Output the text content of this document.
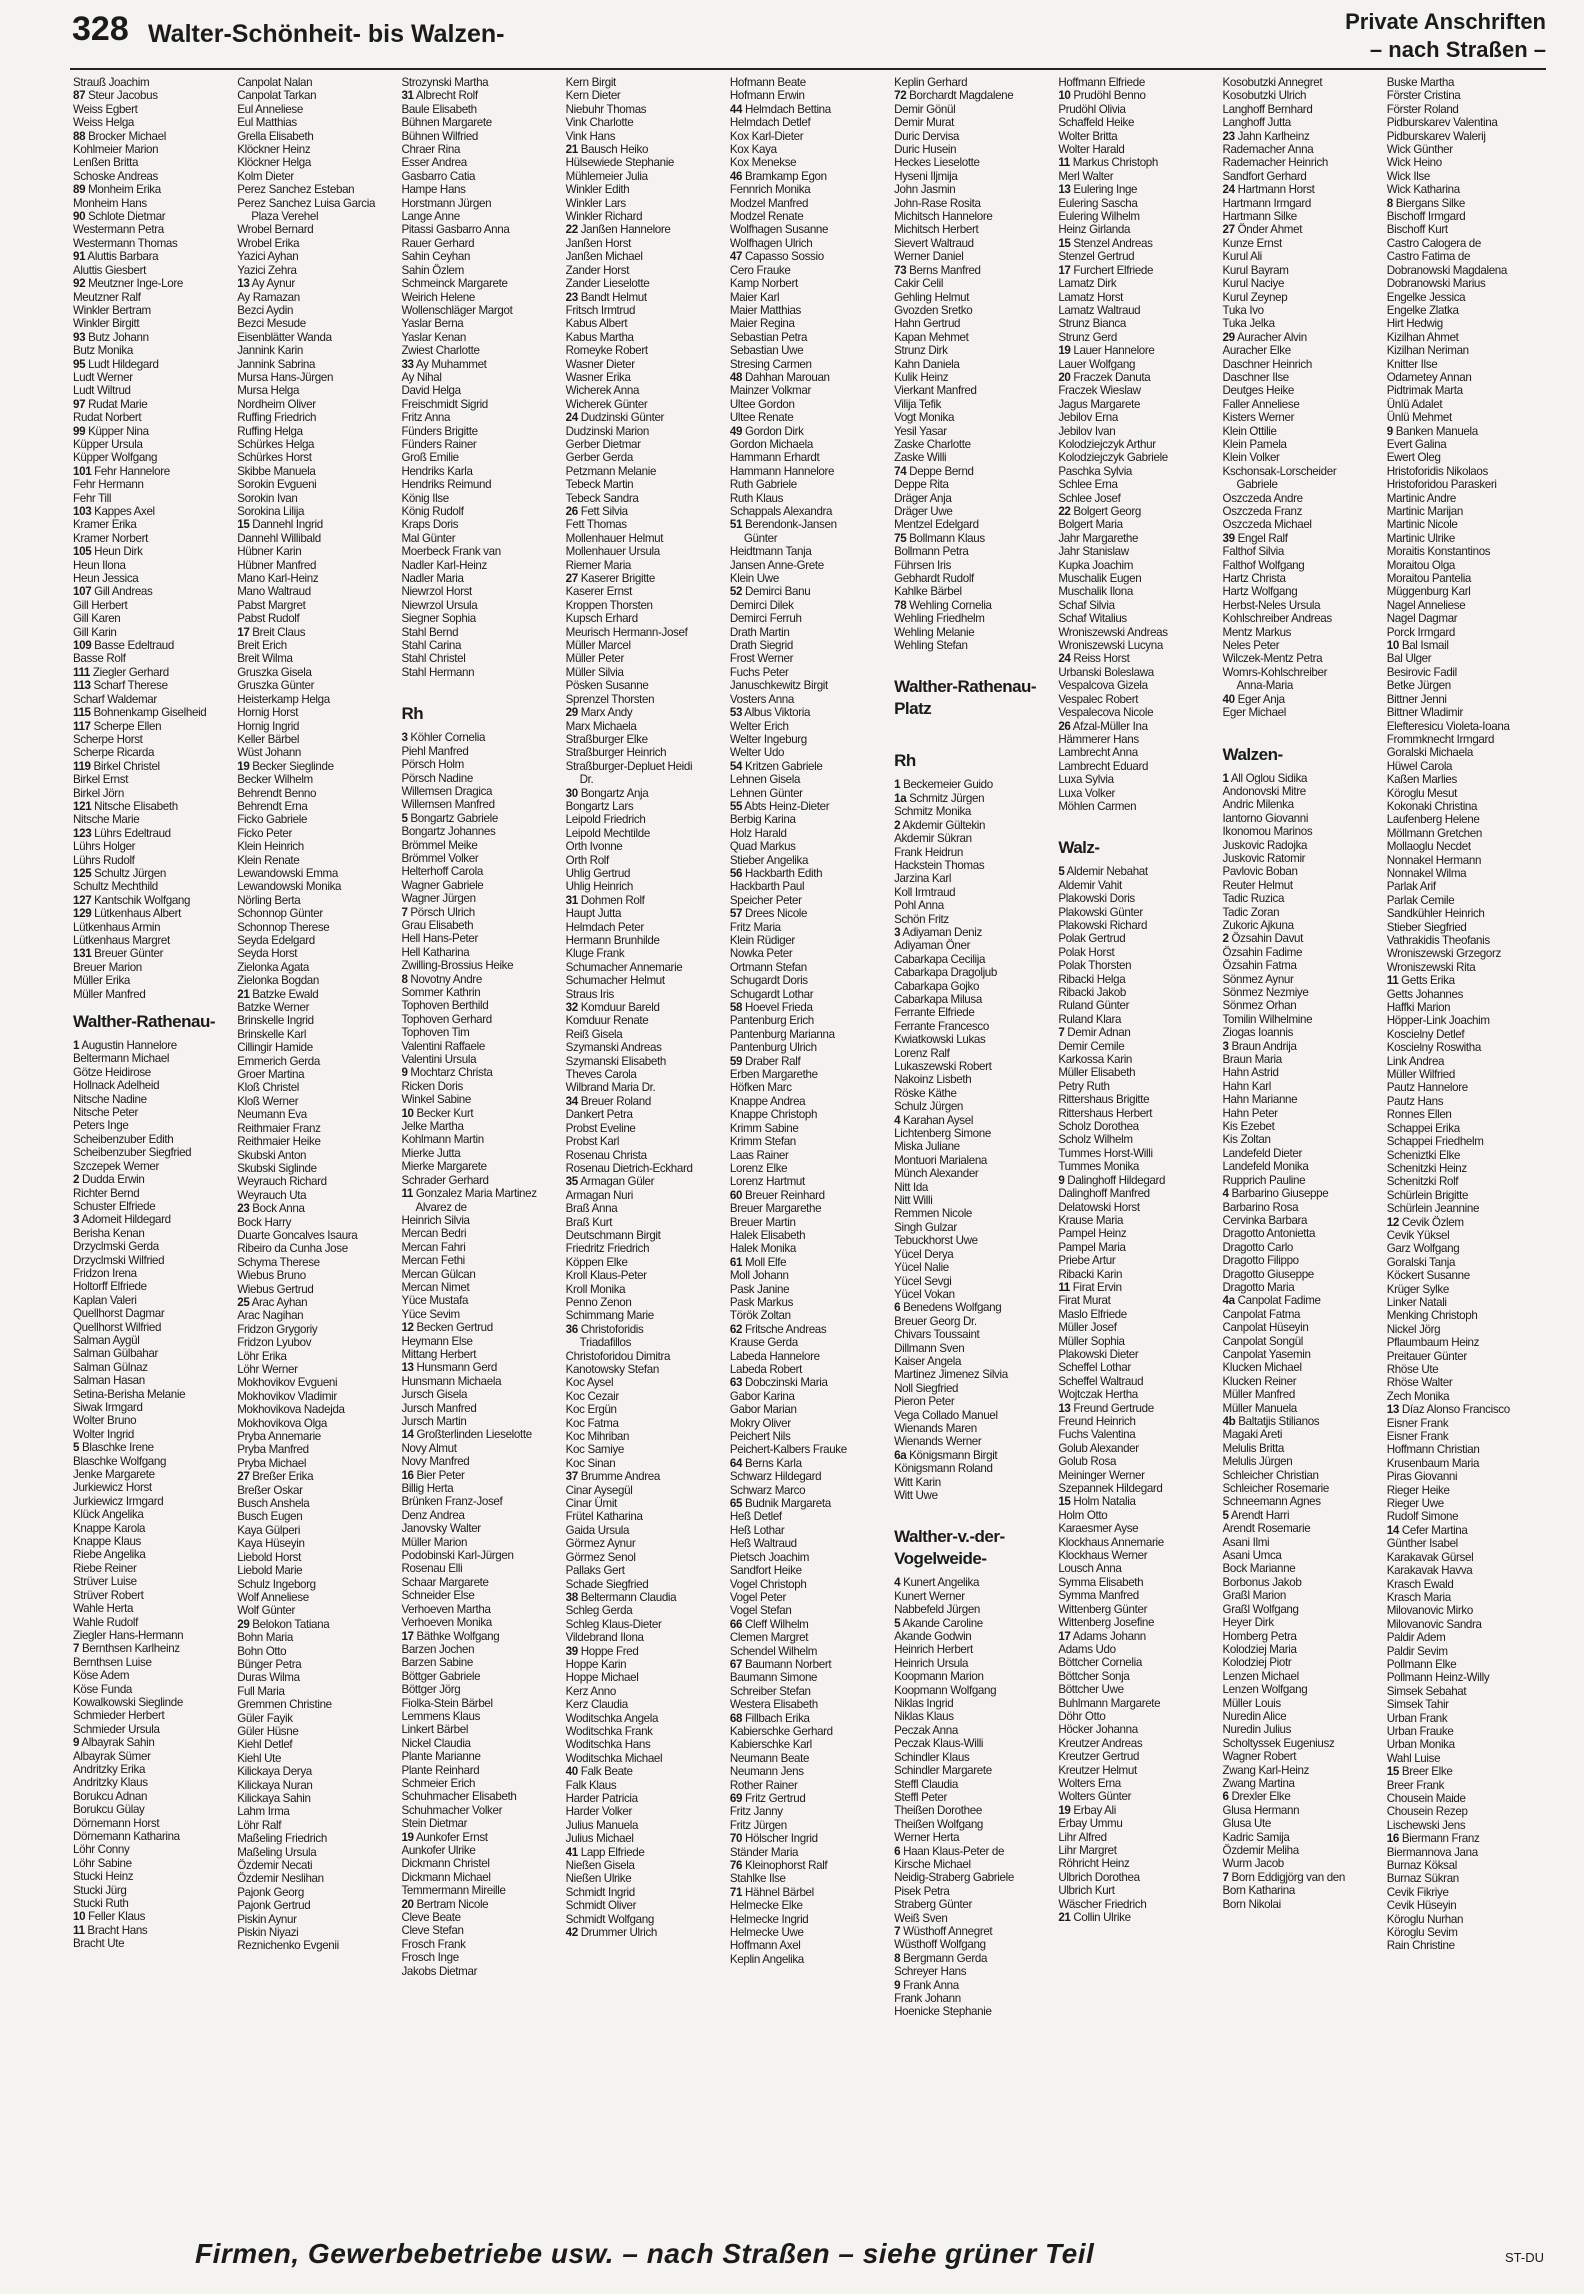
328 Walter-Schönheit- bis Walzen-	Private Anschriften
– nach Straßen –
Strauß Joachim
87 Steur Jacobus
Weiss Egbert
Weiss Helga
88 Brocker Michael
Kohlmeier Marion
Lenßen Britta
Schoske Andreas
89 Monheim Erika
Monheim Hans
90 Schlote Dietmar
Westermann Petra
Westermann Thomas
91 Aluttis Barbara
Aluttis Giesbert
92 Meutzner Inge-Lore
Meutzner Ralf
Winkler Bertram
Winkler Birgitt
93 Butz Johann
Butz Monika
95 Ludt Hildegard
Ludt Werner
Ludt Wiltrud
97 Rudat Marie
Rudat Norbert
99 Küpper Nina
Küpper Ursula
Küpper Wolfgang
101 Fehr Hannelore
Fehr Hermann
Fehr Till
103 Kappes Axel
Kramer Erika
Kramer Norbert
105 Heun Dirk
Heun Ilona
Heun Jessica
107 Gill Andreas
Gill Herbert
Gill Karen
Gill Karin
109 Basse Edeltraud
Basse Rolf
111 Ziegler Gerhard
113 Scharf Therese
Scharf Waldemar
115 Bohnenkamp Giselheid
117 Scherpe Ellen
Scherpe Horst
Scherpe Ricarda
119 Birkel Christel
Birkel Ernst
Birkel Jörn
121 Nitsche Elisabeth
Nitsche Marie
123 Lührs Edeltraud
Lührs Holger
Lührs Rudolf
125 Schultz Jürgen
Schultz Mechthild
127 Kantschik Wolfgang
129 Lütkenhaus Albert
Lütkenhaus Armin
Lütkenhaus Margret
131 Breuer Günter
Breuer Marion
Müller Erika
Müller Manfred
Walther-Rathenau-
1 Augustin Hannelore
Beltermann Michael
Götze Heidirose
Hollnack Adelheid
Nitsche Nadine
Nitsche Peter
Peters Inge
Scheibenzuber Edith
Scheibenzuber Siegfried
Szczepek Werner
2 Dudda Erwin
Richter Bernd
Schuster Elfriede
3 Adomeit Hildegard
Berisha Kenan
Drzyclmski Gerda
Drzyclmski Wilfried
Fridzon Irena
Holtorff Elfriede
Kaplan Valeri
Quellhorst Dagmar
Quellhorst Wilfried
Salman Aygül
Salman Gülbahar
Salman Gülnaz
Salman Hasan
Setina-Berisha Melanie
Siwak Irmgard
Wolter Bruno
Wolter Ingrid
5 Blaschke Irene
Blaschke Wolfgang
Jenke Margarete
Jurkiewicz Horst
Jurkiewicz Irmgard
Klück Angelika
Knappe Karola
Knappe Klaus
Riebe Angelika
Riebe Reiner
Strüver Luise
Strüver Robert
Wahle Herta
Wahle Rudolf
Ziegler Hans-Hermann
7 Bernthsen Karlheinz
Bernthsen Luise
Köse Adem
Köse Funda
Kowalkowski Sieglinde
Schmieder Herbert
Schmieder Ursula
9 Albayrak Sahin
Albayrak Sümer
Andritzky Erika
Andritzky Klaus
Borukcu Adnan
Borukcu Gülay
Dörnemann Horst
Dörnemann Katharina
Löhr Conny
Löhr Sabine
Stucki Heinz
Stucki Jürg
Stucki Ruth
10 Feller Klaus
11 Bracht Hans
Bracht Ute
Canpolat Nalan
Canpolat Tarkan
Eul Anneliese
Eul Matthias
Grella Elisabeth
Klöckner Heinz
Klöckner Helga
Kolm Dieter
Perez Sanchez Esteban
Perez Sanchez Luisa Garcia
Plaza Verehel
Wrobel Bernard
Wrobel Erika
Yazici Ayhan
Yazici Zehra
13 Ay Aynur
Ay Ramazan
Bezci Aydin
Bezci Mesude
Eisenblätter Wanda
Jannink Karin
Jannink Sabrina
Mursa Hans-Jürgen
Mursa Helga
Nordheim Oliver
Ruffing Friedrich
Ruffing Helga
Schürkes Helga
Schürkes Horst
Skibbe Manuela
Sorokin Evgueni
Sorokin Ivan
Sorokina Lilija
15 Dannehl Ingrid
Dannehl Willibald
Hübner Karin
Hübner Manfred
Mano Karl-Heinz
Mano Waltraud
Pabst Margret
Pabst Rudolf
17 Breit Claus
Breit Erich
Breit Wilma
Gruszka Gisela
Gruszka Günter
Heisterkamp Helga
Hornig Horst
Hornig Ingrid
Keller Bärbel
Wüst Johann
19 Becker Sieglinde
Becker Wilhelm
Behrendt Benno
Behrendt Erna
Ficko Gabriele
Ficko Peter
Klein Heinrich
Klein Renate
Lewandowski Emma
Lewandowski Monika
Nörling Berta
Schonnop Günter
Schonnop Therese
Seyda Edelgard
Seyda Horst
Zielonka Agata
Zielonka Bogdan
21 Batzke Ewald
Batzke Werner
Brinskelle Ingrid
Brinskelle Karl
Cillingir Hamide
Emmerich Gerda
Groer Martina
Kloß Christel
Kloß Werner
Neumann Eva
Reithmaier Franz
Reithmaier Heike
Skubski Anton
Skubski Siglinde
Weyrauch Richard
Weyrauch Uta
23 Bock Anna
Bock Harry
Duarte Goncalves Isaura
Ribeiro da Cunha Jose
Schyma Therese
Wiebus Bruno
Wiebus Gertrud
25 Arac Ayhan
Arac Nagihan
Fridzon Grygoriy
Fridzon Lyubov
Löhr Erika
Löhr Werner
Mokhovikov Evgueni
Mokhovikov Vladimir
Mokhovikova Nadejda
Mokhovikova Olga
Pryba Annemarie
Pryba Manfred
Pryba Michael
27 Breßer Erika
Breßer Oskar
Busch Anshela
Busch Eugen
Kaya Gülperi
Kaya Hüseyin
Liebold Horst
Liebold Marie
Schulz Ingeborg
Wolf Anneliese
Wolf Günter
29 Belokon Tatiana
Bohn Maria
Bohn Otto
Bünger Petra
Duras Wilma
Full Maria
Gremmen Christine
Güler Fayik
Güler Hüsne
Kiehl Detlef
Kiehl Ute
Kilickaya Derya
Kilickaya Nuran
Kilickaya Sahin
Lahm Irma
Löhr Ralf
Maßeling Friedrich
Maßeling Ursula
Özdemir Necati
Özdemir Neslihan
Pajonk Georg
Pajonk Gertrud
Piskin Aynur
Piskin Niyazi
Reznichenko Evgenii
Strozynski Martha
31 Albrecht Rolf
Baule Elisabeth
Bühnen Margarete
Bühnen Wilfried
Chraer Rina
Esser Andrea
Gasbarro Catia
Hampe Hans
Horstmann Jürgen
Lange Anne
Pitassi Gasbarro Anna
Rauer Gerhard
Sahin Ceyhan
Sahin Özlem
Schmeinck Margarete
Weirich Helene
Wollenschläger Margot
Yaslar Berna
Yaslar Kenan
Zwiest Charlotte
33 Ay Muhammet
Ay Nihal
David Helga
Freischmidt Sigrid
Fritz Anna
Fünders Brigitte
Fünders Rainer
Groß Emilie
Hendriks Karla
Hendriks Reimund
König Ilse
König Rudolf
Kraps Doris
Mal Günter
Moerbeck Frank van
Nadler Karl-Heinz
Nadler Maria
Niewrzol Horst
Niewrzol Ursula
Siegner Sophia
Stahl Bernd
Stahl Carina
Stahl Christel
Stahl Hermann
Rh
3 Köhler Cornelia
Piehl Manfred
Pörsch Holm
Pörsch Nadine
Willemsen Dragica
Willemsen Manfred
5 Bongartz Gabriele
Bongartz Johannes
Brömmel Meike
Brömmel Volker
Helterhoff Carola
Wagner Gabriele
Wagner Jürgen
7 Pörsch Ulrich
Grau Elisabeth
Hell Hans-Peter
Hell Katharina
Zwilling-Brossius Heike
8 Novotny Andre
Sommer Kathrin
Tophoven Berthild
Tophoven Gerhard
Tophoven Tim
Valentini Raffaele
Valentini Ursula
9 Mochtarz Christa
Ricken Doris
Winkel Sabine
10 Becker Kurt
Jelke Martha
Kohlmann Martin
Mierke Jutta
Mierke Margarete
Schrader Gerhard
11 Gonzalez Maria Martinez
Alvarez de
Heinrich Silvia
Mercan Bedri
Mercan Fahri
Mercan Fethi
Mercan Gülcan
Mercan Nimet
Yüce Mustafa
Yüce Sevim
12 Becken Gertrud
Heymann Else
Mittang Herbert
13 Hunsmann Gerd
Hunsmann Michaela
Jursch Gisela
Jursch Manfred
Jursch Martin
14 Großterlinden Lieselotte
Novy Almut
Novy Manfred
16 Bier Peter
Billig Herta
Brünken Franz-Josef
Denz Andrea
Janovsky Walter
Müller Marion
Podobinski Karl-Jürgen
Rosenau Elli
Schaar Margarete
Schneider Else
Verhoeven Martha
Verhoeven Monika
17 Bäthke Wolfgang
Barzen Jochen
Barzen Sabine
Böttger Gabriele
Böttger Jörg
Fiolka-Stein Bärbel
Lemmens Klaus
Linkert Bärbel
Nickel Claudia
Plante Marianne
Plante Reinhard
Schmeier Erich
Schuhmacher Elisabeth
Schuhmacher Volker
Stein Dietmar
19 Aunkofer Ernst
Aunkofer Ulrike
Dickmann Christel
Dickmann Michael
Temmermann Mireille
20 Bertram Nicole
Cleve Beate
Cleve Stefan
Frosch Frank
Frosch Inge
Jakobs Dietmar
Kern Birgit
Kern Dieter
Niebuhr Thomas
Vink Charlotte
Vink Hans
21 Bausch Heiko
Hülsewiede Stephanie
Mühlemeier Julia
Winkler Edith
Winkler Lars
Winkler Richard
22 Janßen Hannelore
Janßen Horst
Janßen Michael
Zander Horst
Zander Lieselotte
23 Bandt Helmut
Fritsch Irmtrud
Kabus Albert
Kabus Martha
Romeyke Robert
Wasner Dieter
Wasner Erika
Wicherek Anna
Wicherek Günter
24 Dudzinski Günter
Dudzinski Marion
Gerber Dietmar
Gerber Gerda
Petzmann Melanie
Tebeck Martin
Tebeck Sandra
26 Fett Silvia
Fett Thomas
Mollenhauer Helmut
Mollenhauer Ursula
Riemer Maria
27 Kaserer Brigitte
Kaserer Ernst
Kroppen Thorsten
Kupsch Erhard
Meurisch Hermann-Josef
Müller Marcel
Müller Peter
Müller Silvia
Pösken Susanne
Sprenzel Thorsten
29 Marx Andy
Marx Michaela
Straßburger Elke
Straßburger Heinrich
Straßburger-Depluet Heidi
Dr.
30 Bongartz Anja
Bongartz Lars
Leipold Friedrich
Leipold Mechtilde
Orth Ivonne
Orth Rolf
Uhlig Gertrud
Uhlig Heinrich
31 Dohmen Rolf
Haupt Jutta
Helmdach Peter
Hermann Brunhilde
Kluge Frank
Schumacher Annemarie
Schumacher Helmut
Straus Iris
32 Komduur Bareld
Komduur Renate
Reiß Gisela
Szymanski Andreas
Szymanski Elisabeth
Theves Carola
Wilbrand Maria Dr.
34 Breuer Roland
Dankert Petra
Probst Eveline
Probst Karl
Rosenau Christa
Rosenau Dietrich-Eckhard
35 Armagan Güler
Armagan Nuri
Braß Anna
Braß Kurt
Deutschmann Birgit
Friedritz Friedrich
Köppen Elke
Kroll Klaus-Peter
Kroll Monika
Penno Zenon
Schimmang Marie
36 Christoforidis
Triadafillos
Christoforidou Dimitra
Kanotowsky Stefan
Koc Aysel
Koc Cezair
Koc Ergün
Koc Fatma
Koc Mihriban
Koc Samiye
Koc Sinan
37 Brumme Andrea
Cinar Aysegül
Cinar Ümit
Frütel Katharina
Gaida Ursula
Görmez Aynur
Görmez Senol
Pallaks Gert
Schade Siegfried
38 Beltermann Claudia
Schleg Gerda
Schleg Klaus-Dieter
Vildebrand Ilona
39 Hoppe Fred
Hoppe Karin
Hoppe Michael
Kerz Anno
Kerz Claudia
Woditschka Angela
Woditschka Frank
Woditschka Hans
Woditschka Michael
40 Falk Beate
Falk Klaus
Harder Patricia
Harder Volker
Julius Manuela
Julius Michael
41 Lapp Elfriede
Nießen Gisela
Nießen Ulrike
Schmidt Ingrid
Schmidt Oliver
Schmidt Wolfgang
42 Drummer Ulrich
Hofmann Beate
Hofmann Erwin
44 Helmdach Bettina
Helmdach Detlef
Kox Karl-Dieter
Kox Kaya
Kox Menekse
46 Bramkamp Egon
Fennrich Monika
Modzel Manfred
Modzel Renate
Wolfhagen Susanne
Wolfhagen Ulrich
47 Capasso Sossio
Cero Frauke
Kamp Norbert
Maier Karl
Maier Matthias
Maier Regina
Sebastian Petra
Sebastian Uwe
Stresing Carmen
48 Dahhan Marouan
Mainzer Volkmar
Ultee Gordon
Ultee Renate
49 Gordon Dirk
Gordon Michaela
Hammann Erhardt
Hammann Hannelore
Ruth Gabriele
Ruth Klaus
Schappals Alexandra
51 Berendonk-Jansen
Günter
Heidtmann Tanja
Jansen Anne-Grete
Klein Uwe
52 Demirci Banu
Demirci Dilek
Demirci Ferruh
Drath Martin
Drath Siegrid
Frost Werner
Fuchs Peter
Januschkewitz Birgit
Vosters Anna
53 Albus Viktoria
Welter Erich
Welter Ingeburg
Welter Udo
54 Kritzen Gabriele
Lehnen Gisela
Lehnen Günter
55 Abts Heinz-Dieter
Berbig Karina
Holz Harald
Quad Markus
Stieber Angelika
56 Hackbarth Edith
Hackbarth Paul
Speicher Peter
57 Drees Nicole
Fritz Maria
Klein Rüdiger
Nowka Peter
Ortmann Stefan
Schugardt Doris
Schugardt Lothar
58 Hoevel Frieda
Pantenburg Erich
Pantenburg Marianna
Pantenburg Ulrich
59 Draber Ralf
Erben Margarethe
Höfken Marc
Knappe Andrea
Knappe Christoph
Krimm Sabine
Krimm Stefan
Laas Rainer
Lorenz Elke
Lorenz Hartmut
60 Breuer Reinhard
Breuer Margarethe
Breuer Martin
Halek Elisabeth
Halek Monika
61 Moll Elfe
Moll Johann
Pask Janine
Pask Markus
Török Zoltan
62 Fritsche Andreas
Krause Gerda
Labeda Hannelore
Labeda Robert
63 Dobczinski Maria
Gabor Karina
Gabor Marian
Mokry Oliver
Peichert Nils
Peichert-Kalbers Frauke
64 Berns Karla
Schwarz Hildegard
Schwarz Marco
65 Budnik Margareta
Heß Detlef
Heß Lothar
Heß Waltraud
Pietsch Joachim
Sandfort Heike
Vogel Christoph
Vogel Peter
Vogel Stefan
66 Cleff Wilhelm
Clemen Margret
Schendel Wilhelm
67 Baumann Norbert
Baumann Simone
Schreiber Stefan
Westera Elisabeth
68 Fillbach Erika
Kabierschke Gerhard
Kabierschke Karl
Neumann Beate
Neumann Jens
Rother Rainer
69 Fritz Gertrud
Fritz Janny
Fritz Jürgen
70 Hölscher Ingrid
Ständer Maria
76 Kleinophorst Ralf
Stahlke Ilse
71 Hähnel Bärbel
Helmecke Elke
Helmecke Ingrid
Helmecke Uwe
Hoffmann Axel
Keplin Angelika
Keplin Gerhard
72 Borchardt Magdalene
Demir Gönül
Demir Murat
Duric Dervisa
Duric Husein
Heckes Lieselotte
Hyseni Iljmija
John Jasmin
John-Rase Rosita
Michitsch Hannelore
Michitsch Herbert
Sievert Waltraud
Werner Daniel
73 Berns Manfred
Cakir Celil
Gehling Helmut
Gvozden Sretko
Hahn Gertrud
Kapan Mehmet
Strunz Dirk
Kahn Daniela
Kulik Heinz
Vierkant Manfred
Vilija Tefik
Vogt Monika
Yesil Yasar
Zaske Charlotte
Zaske Willi
74 Deppe Bernd
Deppe Rita
Dräger Anja
Dräger Uwe
Mentzel Edelgard
75 Bollmann Klaus
Bollmann Petra
Führsen Iris
Gebhardt Rudolf
Kahlke Bärbel
78 Wehling Cornelia
Wehling Friedhelm
Wehling Melanie
Wehling Stefan
Walther-Rathenau-Platz
Rh
1 Beckemeier Guido
1a Schmitz Jürgen
Schmitz Monika
2 Akdemir Gültekin
Akdemir Sükran
Frank Heidrun
Hackstein Thomas
Jarzina Karl
Koll Irmtraud
Pohl Anna
Schön Fritz
3 Adiyaman Deniz
Adiyaman Öner
Cabarkapa Cecilija
Cabarkapa Dragoljub
Cabarkapa Gojko
Cabarkapa Milusa
Ferrante Elfriede
Ferrante Francesco
Kwiatkowski Lukas
Lorenz Ralf
Lukaszewski Robert
Nakoinz Lisbeth
Röske Käthe
Schulz Jürgen
4 Karahan Aysel
Lichtenberg Simone
Miska Juliane
Montuori Marialena
Münch Alexander
Nitt Ida
Nitt Willi
Remmen Nicole
Singh Gulzar
Tebuckhorst Uwe
Yücel Derya
Yücel Nalie
Yücel Sevgi
Yücel Vokan
6 Benedens Wolfgang
Breuer Georg Dr.
Chivars Toussaint
Dillmann Sven
Kaiser Angela
Martinez Jimenez Silvia
Noll Siegfried
Pieron Peter
Vega Collado Manuel
Wienands Maren
Wienands Werner
6a Königsmann Birgit
Königsmann Roland
Witt Karin
Witt Uwe
Walther-v.-der-Vogelweide-
4 Kunert Angelika
Kunert Werner
Nabbefeld Jürgen
5 Akande Caroline
Akande Godwin
Heinrich Herbert
Heinrich Ursula
Koopmann Marion
Koopmann Wolfgang
Niklas Ingrid
Niklas Klaus
Peczak Anna
Peczak Klaus-Willi
Schindler Klaus
Schindler Margarete
Steffl Claudia
Steffl Peter
Theißen Dorothee
Theißen Wolfgang
Werner Herta
6 Haan Klaus-Peter de
Kirsche Michael
Neidig-Straberg Gabriele
Pisek Petra
Straberg Günter
Weiß Sven
7 Wüsthoff Annegret
Wüsthoff Wolfgang
8 Bergmann Gerda
Schreyer Hans
9 Frank Anna
Frank Johann
Hoenicke Stephanie
Hoffmann Elfriede
10 Prudöhl Benno
Prudöhl Olivia
Schaffeld Heike
Wolter Britta
Wolter Harald
11 Markus Christoph
Merl Walter
13 Eulering Inge
Eulering Sascha
Eulering Wilhelm
Heinz Girlanda
15 Stenzel Andreas
Stenzel Gertrud
17 Furchert Elfriede
Lamatz Dirk
Lamatz Horst
Lamatz Waltraud
Strunz Bianca
Strunz Gerd
19 Lauer Hannelore
Lauer Wolfgang
20 Fraczek Danuta
Fraczek Wieslaw
Jagus Margarete
Jebilov Erna
Jebilov Ivan
Kolodziejczyk Arthur
Kolodziejczyk Gabriele
Paschka Sylvia
Schlee Erna
Schlee Josef
22 Bolgert Georg
Bolgert Maria
Jahr Margarethe
Jahr Stanislaw
Kupka Joachim
Muschalik Eugen
Muschalik Ilona
Schaf Silvia
Schaf Witalius
Wroniszewski Andreas
Wroniszewski Lucyna
24 Reiss Horst
Urbanski Boleslawa
Vespalcova Gizela
Vespalec Robert
Vespalecova Nicole
26 Afzal-Müller Ina
Hämmerer Hans
Lambrecht Anna
Lambrecht Eduard
Luxa Sylvia
Luxa Volker
Möhlen Carmen
Walz-
5 Aldemir Nebahat
Aldemir Vahit
Plakowski Doris
Plakowski Günter
Plakowski Richard
Polak Gertrud
Polak Horst
Polak Thorsten
Ribacki Helga
Ribacki Jakob
Ruland Günter
Ruland Klara
7 Demir Adnan
Demir Cemile
Karkossa Karin
Müller Elisabeth
Petry Ruth
Rittershaus Brigitte
Rittershaus Herbert
Scholz Dorothea
Scholz Wilhelm
Tummes Horst-Willi
Tummes Monika
9 Dalinghoff Hildegard
Dalinghoff Manfred
Delatowski Horst
Krause Maria
Pampel Heinz
Pampel Maria
Priebe Artur
Ribacki Karin
11 Firat Ervin
Firat Murat
Maslo Elfriede
Müller Josef
Müller Sophia
Plakowski Dieter
Scheffel Lothar
Scheffel Waltraud
Wojtczak Hertha
13 Freund Gertrude
Freund Heinrich
Fuchs Valentina
Golub Alexander
Golub Rosa
Meininger Werner
Szepannek Hildegard
15 Holm Natalia
Holm Otto
Karaesmer Ayse
Klockhaus Annemarie
Klockhaus Werner
Lousch Anna
Symma Elisabeth
Symma Manfred
Wittenberg Günter
Wittenberg Josefine
17 Adams Johann
Adams Udo
Böttcher Cornelia
Böttcher Sonja
Böttcher Uwe
Buhlmann Margarete
Döhr Otto
Höcker Johanna
Kreutzer Andreas
Kreutzer Gertrud
Kreutzer Helmut
Wolters Erna
Wolters Günter
19 Erbay Ali
Erbay Ummu
Lihr Alfred
Lihr Margret
Röhricht Heinz
Ulbrich Dorothea
Ulbrich Kurt
Wäscher Friedrich
21 Collin Ulrike
Kosobutzki Annegret
Kosobutzki Ulrich
Langhoff Bernhard
Langhoff Jutta
23 Jahn Karlheinz
Rademacher Anna
Rademacher Heinrich
Sandfort Gerhard
24 Hartmann Horst
Hartmann Irmgard
Hartmann Silke
27 Önder Ahmet
Kunze Ernst
Kurul Ali
Kurul Bayram
Kurul Naciye
Kurul Zeynep
Tuka Ivo
Tuka Jelka
29 Auracher Alvin
Auracher Elke
Daschner Heinrich
Daschner Ilse
Deutges Heike
Faller Anneliese
Kisters Werner
Klein Ottilie
Klein Pamela
Klein Volker
Kschonsak-Lorscheider
Gabriele
Oszczeda Andre
Oszczeda Franz
Oszczeda Michael
39 Engel Ralf
Falthof Silvia
Falthof Wolfgang
Hartz Christa
Hartz Wolfgang
Herbst-Neles Ursula
Kohlschreiber Andreas
Mentz Markus
Neles Peter
Wilczek-Mentz Petra
Womrs-Kohlschreiber
Anna-Maria
40 Eger Anja
Eger Michael
Walzen-
1 All Oglou Sidika
Andonovski Mitre
Andric Milenka
Iantorno Giovanni
Ikonomou Marinos
Juskovic Radojka
Juskovic Ratomir
Pavlovic Boban
Reuter Helmut
Tadic Ruzica
Tadic Zoran
Zukoric Ajkuna
2 Özsahin Davut
Özsahin Fadime
Özsahin Fatma
Sönmez Aynur
Sönmez Nezmiye
Sönmez Orhan
Tomilin Wilhelmine
Ziogas Ioannis
3 Braun Andrija
Braun Maria
Hahn Astrid
Hahn Karl
Hahn Marianne
Hahn Peter
Kis Ezebet
Kis Zoltan
Landefeld Dieter
Landefeld Monika
Rupprich Pauline
4 Barbarino Giuseppe
Barbarino Rosa
Cervinka Barbara
Dragotto Antonietta
Dragotto Carlo
Dragotto Filippo
Dragotto Giuseppe
Dragotto Maria
4a Canpolat Fadime
Canpolat Fatma
Canpolat Hüseyin
Canpolat Songül
Canpolat Yasemin
Klucken Michael
Klucken Reiner
Müller Manfred
Müller Manuela
4b Baltatjis Stilianos
Magaki Areti
Melulis Britta
Melulis Jürgen
Schleicher Christian
Schleicher Rosemarie
Schneemann Agnes
5 Arendt Harri
Arendt Rosemarie
Asani Ilmi
Asani Umca
Bock Marianne
Borbonus Jakob
Graßl Marion
Graßl Wolfgang
Heyer Dirk
Homberg Petra
Kolodziej Maria
Kolodziej Piotr
Lenzen Michael
Lenzen Wolfgang
Müller Louis
Nuredin Alice
Nuredin Julius
Scholtyssek Eugeniusz
Wagner Robert
Zwang Karl-Heinz
Zwang Martina
6 Drexler Elke
Glusa Hermann
Glusa Ute
Kadric Samija
Özdemir Meliha
Wurm Jacob
7 Born Eddigjörg van den
Born Katharina
Born Nikolai
Buske Martha
Förster Cristina
Förster Roland
Pidburskarev Valentina
Pidburskarev Walerij
Wick Günther
Wick Heino
Wick Ilse
Wick Katharina
8 Biergans Silke
Bischoff Irmgard
Bischoff Kurt
Castro Calogera de
Castro Fatima de
Dobranowski Magdalena
Dobranowski Marius
Engelke Jessica
Engelke Zlatka
Hirt Hedwig
Kizilhan Ahmet
Kizilhan Neriman
Knitter Ilse
Odametey Annan
Pidtrimak Marta
Ünlü Adalet
Ünlü Mehmet
9 Banken Manuela
Evert Galina
Ewert Oleg
Hristoforidis Nikolaos
Hristoforidou Paraskeri
Martinic Andre
Martinic Marijan
Martinic Nicole
Martinic Ulrike
Moraitis Konstantinos
Moraitou Olga
Moraitou Pantelia
Müggenburg Karl
Nagel Anneliese
Nagel Dagmar
Porck Irmgard
10 Bal Ismail
Bal Ulger
Besirovic Fadil
Betke Jürgen
Bittner Jenni
Bittner Wladimir
Elefteresicu Violeta-Ioana
Frommknecht Irmgard
Goralski Michaela
Hüwel Carola
Kaßen Marlies
Köroglu Mesut
Kokonaki Christina
Laufenberg Helene
Möllmann Gretchen
Mollaoglu Necdet
Nonnakel Hermann
Nonnakel Wilma
Parlak Arif
Parlak Cemile
Sandkühler Heinrich
Stieber Siegfried
Vathrakidis Theofanis
Wroniszewski Grzegorz
Wroniszewski Rita
11 Getts Erika
Getts Johannes
Haffki Marion
Höpper-Link Joachim
Koscielny Detlef
Koscielny Roswitha
Link Andrea
Müller Wilfried
Pautz Hannelore
Pautz Hans
Ronnes Ellen
Schappei Erika
Schappei Friedhelm
Scheniztki Elke
Schenitzki Heinz
Schenitzki Rolf
Schürlein Brigitte
Schürlein Jeannine
12 Cevik Özlem
Cevik Yüksel
Garz Wolfgang
Goralski Tanja
Köckert Susanne
Krüger Sylke
Linker Natali
Menking Christoph
Nickel Jörg
Pflaumbaum Heinz
Preitauer Günter
Rhöse Ute
Rhöse Walter
Zech Monika
13 Díaz Alonso Francisco
Eisner Frank
Eisner Frank
Hoffmann Christian
Krusenbaum Maria
Piras Giovanni
Rieger Heike
Rieger Uwe
Rudolf Simone
14 Cefer Martina
Günther Isabel
Karakavak Gürsel
Karakavak Havva
Krasch Ewald
Krasch Maria
Milovanovic Mirko
Milovanovic Sandra
Paldir Adem
Paldir Sevim
Pollmann Elke
Pollmann Heinz-Willy
Simsek Sebahat
Simsek Tahir
Urban Frank
Urban Frauke
Urban Monika
Wahl Luise
15 Breer Elke
Breer Frank
Chousein Maide
Chousein Rezep
Lischewski Jens
16 Biermann Franz
Biermannova Jana
Burnaz Köksal
Burnaz Sükran
Cevik Fikriye
Cevik Hüseyin
Köroglu Nurhan
Köroglu Sevim
Rain Christine
Firmen, Gewerbebetriebe usw. – nach Straßen – siehe grüner Teil	ST-DU
